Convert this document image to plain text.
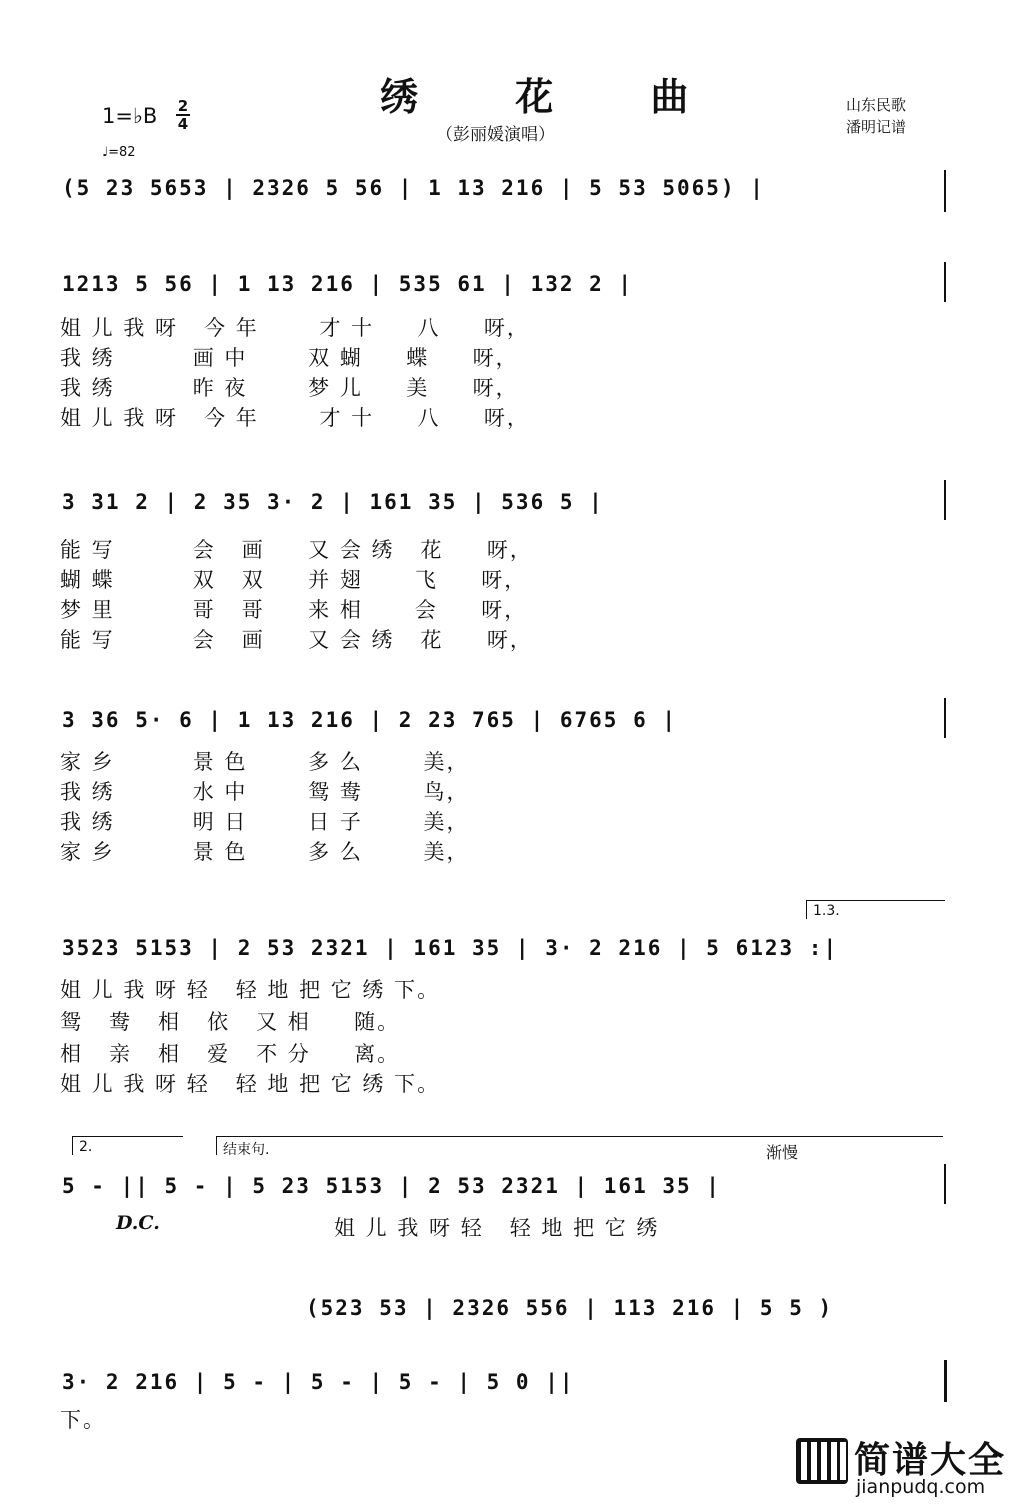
绣 花 曲
（彭丽媛演唱）
1=♭B 2
4
♩=82
山东民歌
潘明记谱
(5 23 5653 | 2326 5 56 | 1 13 216 | 5 53 5065) |
1213 5 56 | 1 13 216 | 535 61 | 132 2 |
姐 儿 我 呀   今 年       才 十     八     呀，
我 绣         画 中       双 蝴     蝶     呀，
我 绣         昨 夜       梦 儿     美     呀，
姐 儿 我 呀   今 年       才 十     八     呀，
3 31 2 | 2 35 3· 2 | 161 35 | 536 5 |
能 写         会   画     又 会 绣   花     呀，
蝴 蝶         双   双     并 翅      飞     呀，
梦 里         哥   哥     来 相      会     呀，
能 写         会   画     又 会 绣   花     呀，
3 36 5· 6 | 1 13 216 | 2 23 765 | 6765 6 |
家 乡         景 色       多 么       美，
我 绣         水 中       鸳 鸯       鸟，
我 绣         明 日       日 子       美，
家 乡         景 色       多 么       美，
1.3.
3523 5153 | 2 53 2321 | 161 35 | 3· 2 216 | 5 6123 :|
姐 儿 我 呀 轻   轻 地 把 它 绣 下。
鸳   鸯   相   依   又 相     随。
相   亲   相   爱   不 分     离。
姐 儿 我 呀 轻   轻 地 把 它 绣 下。
2.	结束句.	渐慢
5 - || 5 - | 5 23 5153 | 2 53 2321 | 161 35 |
D.C.	姐 儿 我 呀 轻   轻 地 把 它 绣
(523 53 | 2326 556 | 113 216 | 5 5 )
3· 2 216 | 5 - | 5 - | 5 - | 5 0 ||
下。
简谱大全
jianpudq.com
